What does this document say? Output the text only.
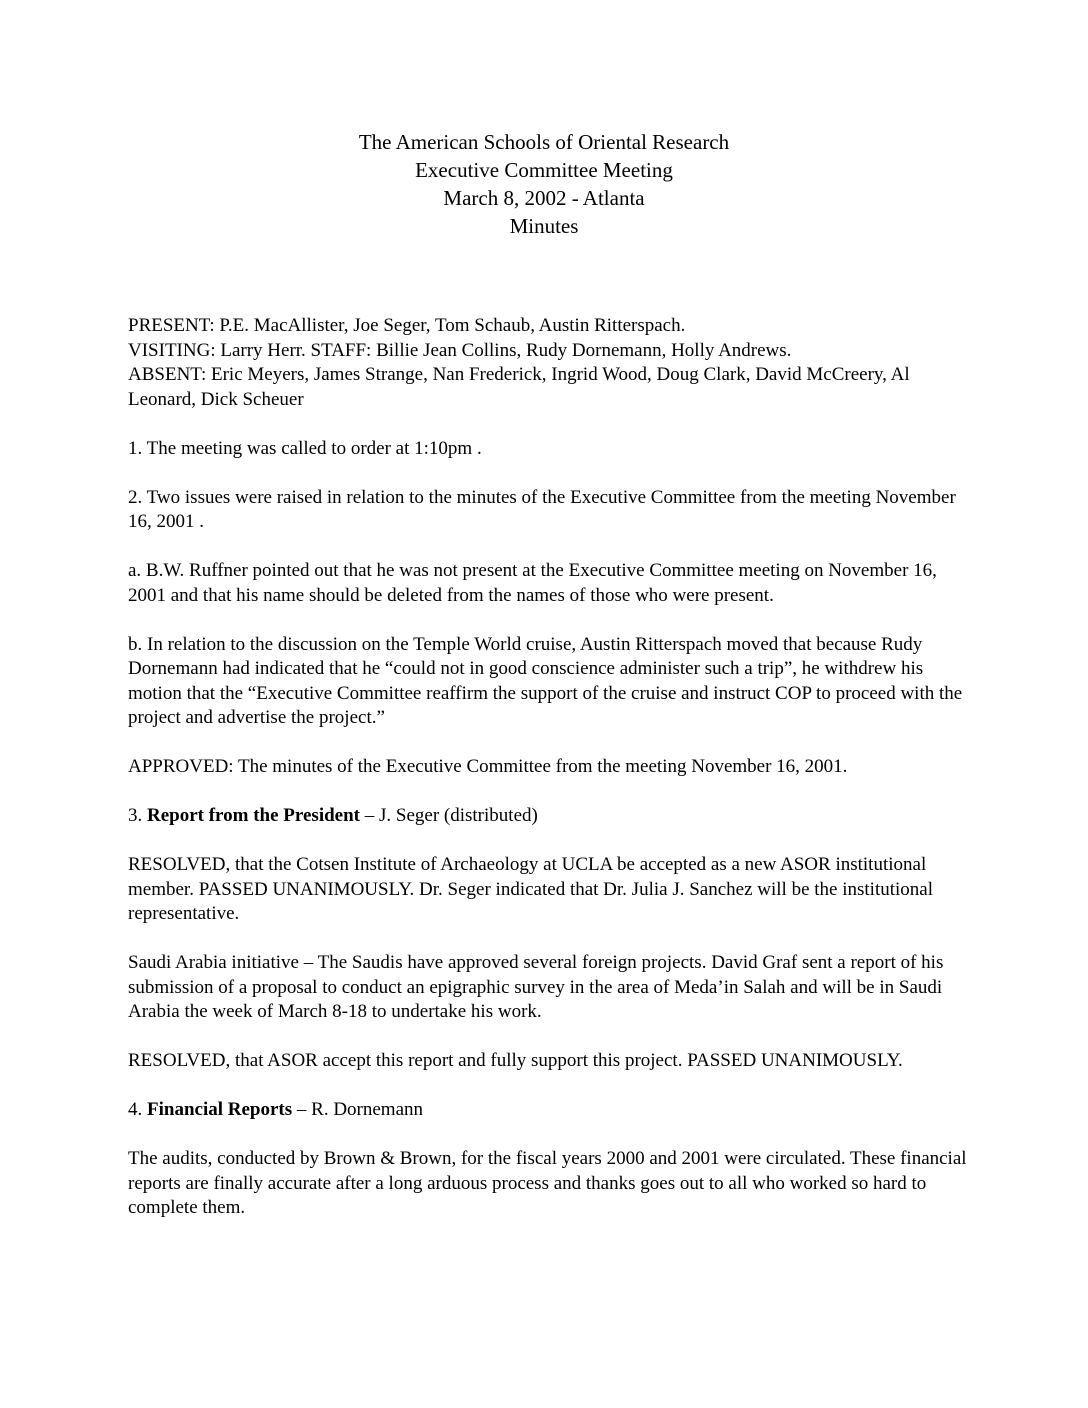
The American Schools of Oriental Research
Executive Committee Meeting
March 8, 2002 - Atlanta
Minutes

PRESENT: P.E. MacAllister, Joe Seger, Tom Schaub, Austin Ritterspach.

VISITING: Larry Herr. STAFF: Billie Jean Collins, Rudy Dornemann, Holly Andrews.

ABSENT: Eric Meyers, James Strange, Nan Frederick, Ingrid Wood, Doug Clark, David McCreery, Al Leonard, Dick Scheuer

1. The meeting was called to order at 1:10pm .

2. Two issues were raised in relation to the minutes of the Executive Committee from the meeting November 16, 2001 .

a. B.W. Ruffner pointed out that he was not present at the Executive Committee meeting on November 16, 2001 and that his name should be deleted from the names of those who were present.

b. In relation to the discussion on the Temple World cruise, Austin Ritterspach moved that because Rudy Dornemann had indicated that he “could not in good conscience administer such a trip”, he withdrew his motion that the “Executive Committee reaffirm the support of the cruise and instruct COP to proceed with the project and advertise the project.”

APPROVED: The minutes of the Executive Committee from the meeting November 16, 2001.

3. Report from the President – J. Seger (distributed)

RESOLVED, that the Cotsen Institute of Archaeology at UCLA be accepted as a new ASOR institutional member. PASSED UNANIMOUSLY. Dr. Seger indicated that Dr. Julia J. Sanchez will be the institutional representative.

Saudi Arabia initiative – The Saudis have approved several foreign projects. David Graf sent a report of his submission of a proposal to conduct an epigraphic survey in the area of Meda’in Salah and will be in Saudi Arabia the week of March 8-18 to undertake his work.

RESOLVED, that ASOR accept this report and fully support this project. PASSED UNANIMOUSLY.

4. Financial Reports – R. Dornemann

The audits, conducted by Brown & Brown, for the fiscal years 2000 and 2001 were circulated. These financial reports are finally accurate after a long arduous process and thanks goes out to all who worked so hard to complete them.
